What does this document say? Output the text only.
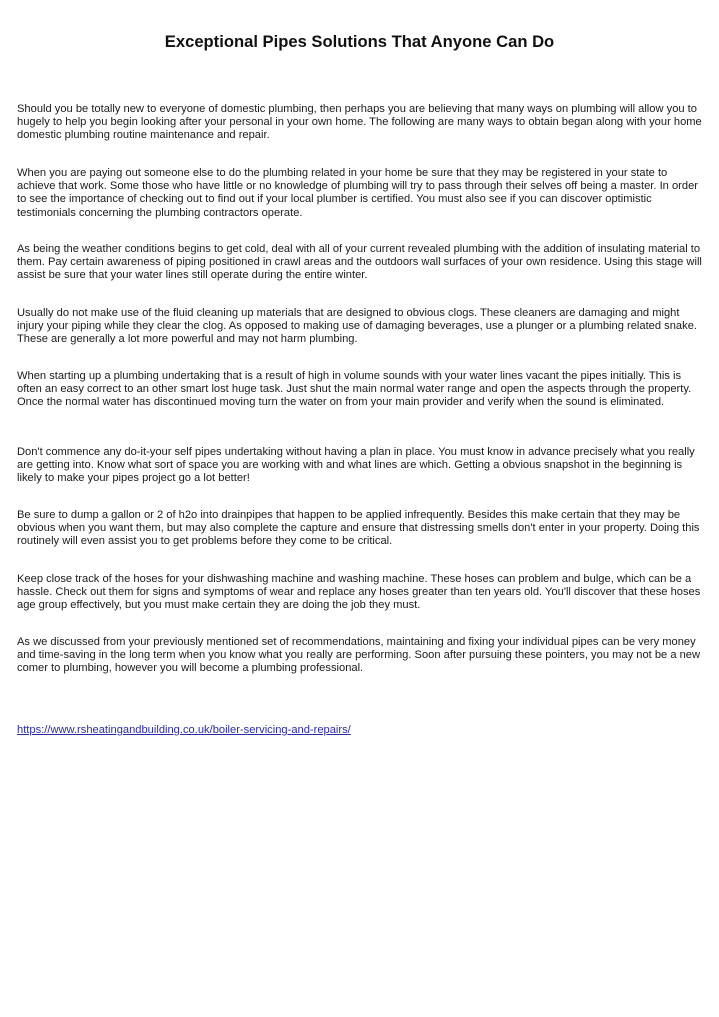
Exceptional Pipes Solutions That Anyone Can Do

Should you be totally new to everyone of domestic plumbing, then perhaps you are believing that many ways on plumbing will allow you to hugely to help you begin looking after your personal in your own home. The following are many ways to obtain began along with your home domestic plumbing routine maintenance and repair.

When you are paying out someone else to do the plumbing related in your home be sure that they may be registered in your state to achieve that work. Some those who have little or no knowledge of plumbing will try to pass through their selves off being a master. In order to see the importance of checking out to find out if your local plumber is certified. You must also see if you can discover optimistic testimonials concerning the plumbing contractors operate.

As being the weather conditions begins to get cold, deal with all of your current revealed plumbing with the addition of insulating material to them. Pay certain awareness of piping positioned in crawl areas and the outdoors wall surfaces of your own residence. Using this stage will assist be sure that your water lines still operate during the entire winter.

Usually do not make use of the fluid cleaning up materials that are designed to obvious clogs. These cleaners are damaging and might injury your piping while they clear the clog. As opposed to making use of damaging beverages, use a plunger or a plumbing related snake. These are generally a lot more powerful and may not harm plumbing.

When starting up a plumbing undertaking that is a result of high in volume sounds with your water lines vacant the pipes initially. This is often an easy correct to an other smart lost huge task. Just shut the main normal water range and open the aspects through the property. Once the normal water has discontinued moving turn the water on from your main provider and verify when the sound is eliminated.

Don't commence any do-it-your self pipes undertaking without having a plan in place. You must know in advance precisely what you really are getting into. Know what sort of space you are working with and what lines are which. Getting a obvious snapshot in the beginning is likely to make your pipes project go a lot better!

Be sure to dump a gallon or 2 of h2o into drainpipes that happen to be applied infrequently. Besides this make certain that they may be obvious when you want them, but may also complete the capture and ensure that distressing smells don't enter in your property. Doing this routinely will even assist you to get problems before they come to be critical.

Keep close track of the hoses for your dishwashing machine and washing machine. These hoses can problem and bulge, which can be a hassle. Check out them for signs and symptoms of wear and replace any hoses greater than ten years old. You'll discover that these hoses age group effectively, but you must make certain they are doing the job they must.

As we discussed from your previously mentioned set of recommendations, maintaining and fixing your individual pipes can be very money and time-saving in the long term when you know what you really are performing. Soon after pursuing these pointers, you may not be a new comer to plumbing, however you will become a plumbing professional.

https://www.rsheatingandbuilding.co.uk/boiler-servicing-and-repairs/
